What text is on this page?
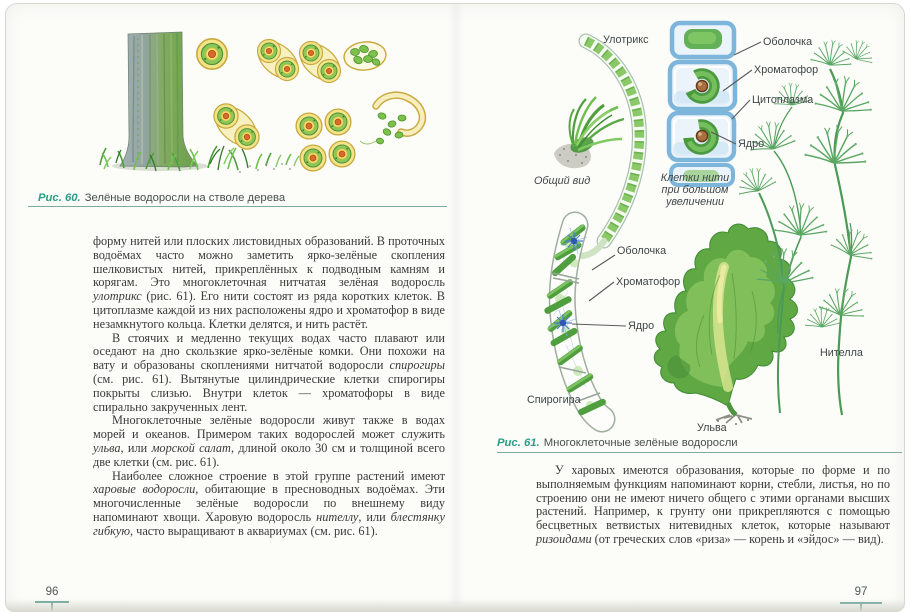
Рис. 60. Зелёные водоросли на стволе дерева

форму нитей или плоских листовидных образований. В проточных водоёмах часто можно заметить ярко-зелёные скопления шелковистых нитей, прикреплённых к подводным камням и корягам. Это многоклеточная нитчатая зелёная водоросль улотрикс (рис. 61). Его нити состоят из ряда коротких клеток. В цитоплазме каждой из них расположены ядро и хроматофор в виде незамкнутого кольца. Клетки делятся, и нить растёт.

В стоячих и медленно текущих водах часто плавают или оседают на дно скользкие ярко-зелёные комки. Они похожи на вату и образованы скоплениями нитчатой водоросли спирогиры (см. рис. 61). Вытянутые цилиндрические клетки спирогиры покрыты слизью. Внутри клеток — хроматофоры в виде спирально закрученных лент.

Многоклеточные зелёные водоросли живут также в водах морей и океанов. Примером таких водорослей может служить ульва, или морской салат, длиной около 30 см и толщиной всего две клетки (см. рис. 61).

Наиболее сложное строение в этой группе растений имеют харовые водоросли, обитающие в пресноводных водоёмах. Эти многочисленные зелёные водоросли по внешнему виду напоминают хвощи. Харовую водоросль нителлу, или блестянку гибкую, часто выращивают в аквариумах (см. рис. 61).

96
Улотрикс	Оболочка
Хроматофор
Цитоплазма
Ядро
Общий вид	Клетки нити при большом увеличении
Оболочка
Хроматофор
Ядро
Спирогира
Ульва
Нителла
Рис. 61. Многоклеточные зелёные водоросли

У харовых имеются образования, которые по форме и по выполняемым функциям напоминают корни, стебли, листья, но по строению они не имеют ничего общего с этими органами высших растений. Например, к грунту они прикрепляются с помощью бесцветных ветвистых нитевидных клеток, которые называют ризоидами (от греческих слов «риза» — корень и «эйдос» — вид).

97
